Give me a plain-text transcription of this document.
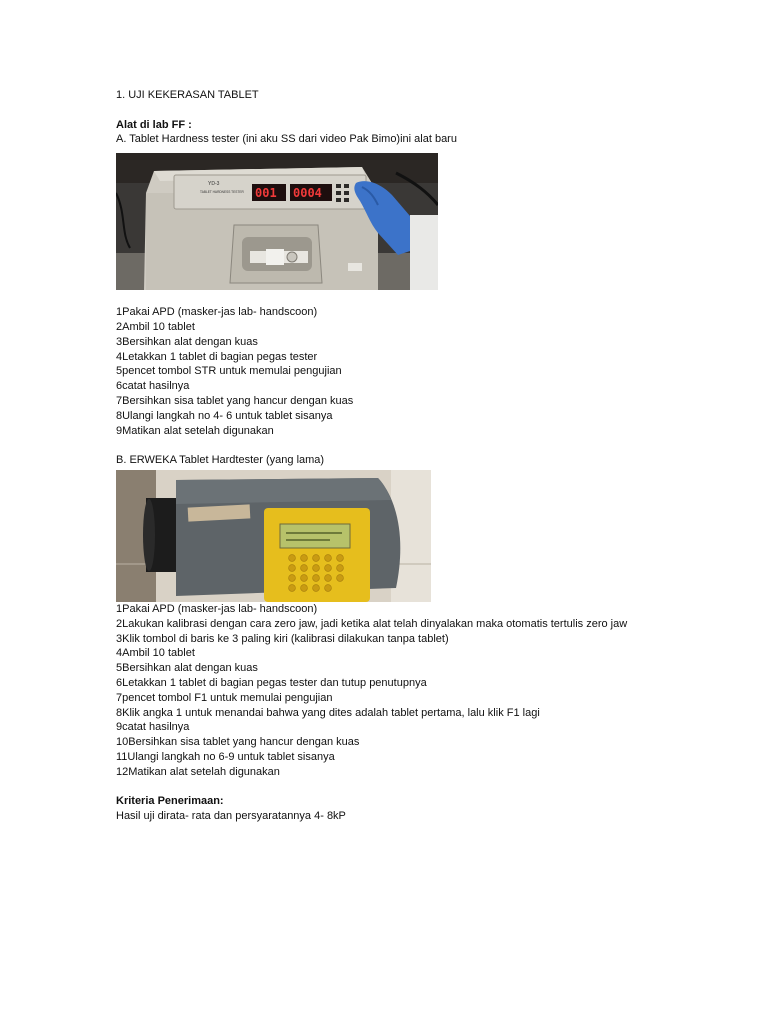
1. UJI KEKERASAN TABLET
Alat di lab FF :
A. Tablet Hardness tester (ini aku SS dari video Pak Bimo)ini alat baru
YD-3
TABLET HARDNESS TESTER 001 0004
1Pakai APD (masker-jas lab- handscoon)
2Ambil 10 tablet
3Bersihkan alat dengan kuas
4Letakkan 1 tablet di bagian pegas tester
5pencet tombol STR untuk memulai pengujian
6catat hasilnya
7Bersihkan sisa tablet yang hancur dengan kuas
8Ulangi langkah no 4- 6 untuk tablet sisanya
9Matikan alat setelah digunakan
B. ERWEKA Tablet Hardtester (yang lama)
1Pakai APD (masker-jas lab- handscoon)
2Lakukan kalibrasi dengan cara zero jaw, jadi ketika alat telah dinyalakan maka otomatis tertulis zero jaw
3Klik tombol di baris ke 3 paling kiri (kalibrasi dilakukan tanpa tablet)
4Ambil 10 tablet
5Bersihkan alat dengan kuas
6Letakkan 1 tablet di bagian pegas tester dan tutup penutupnya
7pencet tombol F1 untuk memulai pengujian
8Klik angka 1 untuk menandai bahwa yang dites adalah tablet pertama, lalu klik F1 lagi
9catat hasilnya
10Bersihkan sisa tablet yang hancur dengan kuas
11Ulangi langkah no 6-9 untuk tablet sisanya
12Matikan alat setelah digunakan
Kriteria Penerimaan:
Hasil uji dirata- rata dan persyaratannya 4- 8kP
